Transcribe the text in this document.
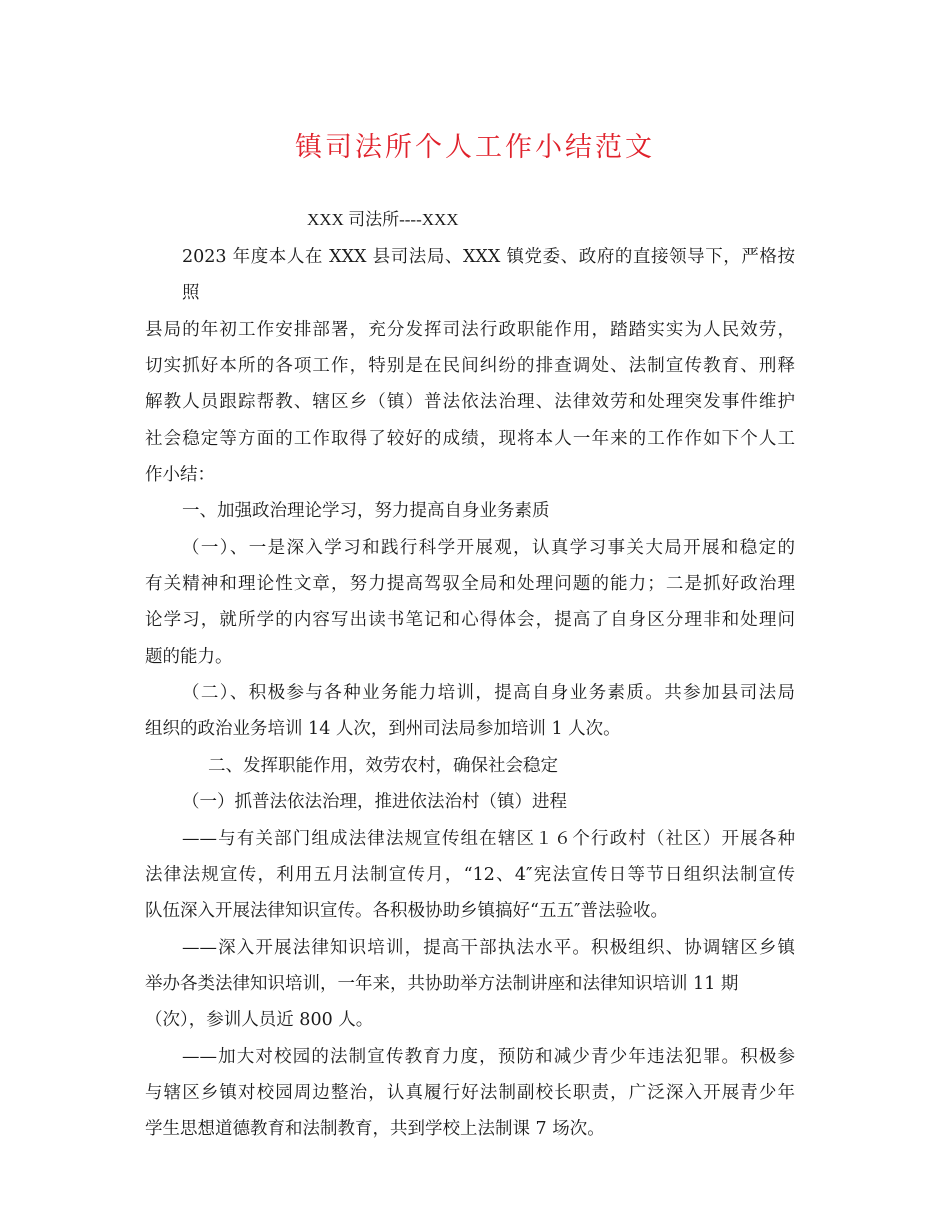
镇司法所个人工作小结范文
XXX 司法所----XXX
2023 年度本人在 XXX 县司法局、XXX 镇党委、政府的直接领导下，严格按照
县局的年初工作安排部署，充分发挥司法行政职能作用，踏踏实实为人民效劳，
切实抓好本所的各项工作，特别是在民间纠纷的排查调处、法制宣传教育、刑释
解教人员跟踪帮教、辖区乡（镇）普法依法治理、法律效劳和处理突发事件维护
社会稳定等方面的工作取得了较好的成绩，现将本人一年来的工作作如下个人工
作小结：
一、加强政治理论学习，努力提高自身业务素质
（一）、一是深入学习和践行科学开展观，认真学习事关大局开展和稳定的
有关精神和理论性文章，努力提高驾驭全局和处理问题的能力；二是抓好政治理
论学习，就所学的内容写出读书笔记和心得体会，提高了自身区分理非和处理问
题的能力。
（二）、积极参与各种业务能力培训，提高自身业务素质。共参加县司法局
组织的政治业务培训 14 人次，到州司法局参加培训 1 人次。
二、发挥职能作用，效劳农村，确保社会稳定
（一）抓普法依法治理，推进依法治村（镇）进程
——与有关部门组成法律法规宣传组在辖区１６个行政村（社区）开展各种
法律法规宣传，利用五月法制宣传月，“12、4″宪法宣传日等节日组织法制宣传
队伍深入开展法律知识宣传。各积极协助乡镇搞好“五五″普法验收。
——深入开展法律知识培训，提高干部执法水平。积极组织、协调辖区乡镇
举办各类法律知识培训，一年来，共协助举方法制讲座和法律知识培训 11 期
（次），参训人员近 800 人。
——加大对校园的法制宣传教育力度，预防和减少青少年违法犯罪。积极参
与辖区乡镇对校园周边整治，认真履行好法制副校长职责，广泛深入开展青少年
学生思想道德教育和法制教育，共到学校上法制课 7 场次。
